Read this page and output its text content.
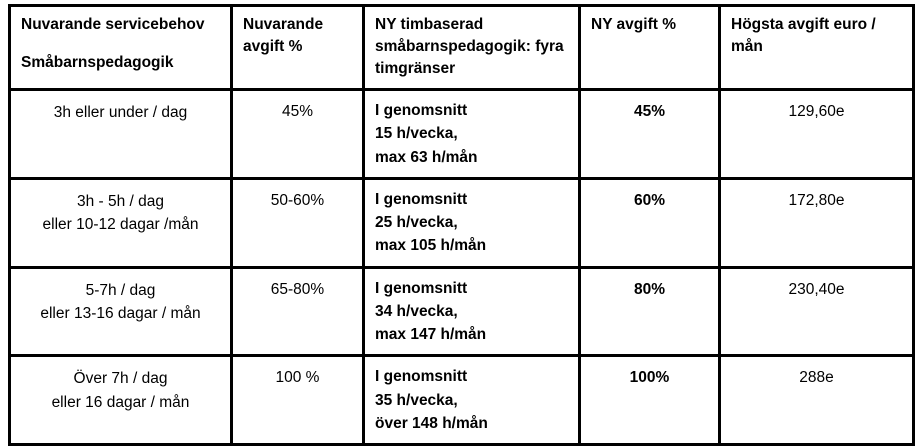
Nuvarande servicebehov
Småbarnspedagogik	Nuvarande avgift %	NY timbaserad småbarnspedagogik: fyra timgränser	NY avgift %	Högsta avgift euro / mån

3h eller under / dag	45%	I genomsnitt
15 h/vecka,
max 63 h/mån	45%	129,60e

3h - 5h / dag
eller 10-12 dagar /mån	50-60%	I genomsnitt
25 h/vecka,
max 105 h/mån	60%	172,80e

5-7h / dag
eller 13-16 dagar / mån	65-80%	I genomsnitt
34 h/vecka,
max 147 h/mån	80%	230,40e

Över 7h / dag
eller 16 dagar / mån	100 %	I genomsnitt
35 h/vecka,
över 148 h/mån	100%	288e
